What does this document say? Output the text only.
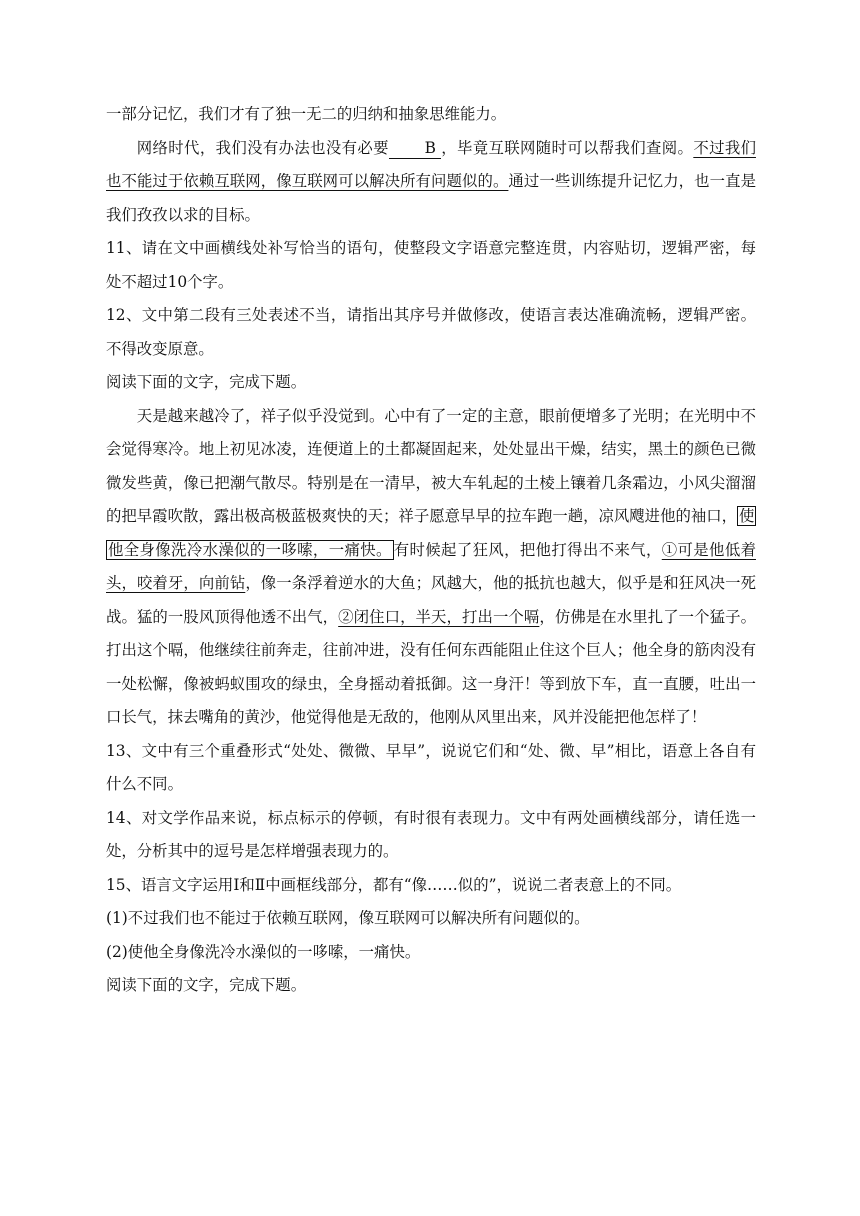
一部分记忆，我们才有了独一无二的归纳和抽象思维能力。

网络时代，我们没有办法也没有必要 B ，毕竟互联网随时可以帮我们查阅。不过我们也不能过于依赖互联网，像互联网可以解决所有问题似的。通过一些训练提升记忆力，也一直是我们孜孜以求的目标。

11、请在文中画横线处补写恰当的语句，使整段文字语意完整连贯，内容贴切，逻辑严密，每处不超过10个字。

12、文中第二段有三处表述不当，请指出其序号并做修改，使语言表达准确流畅，逻辑严密。不得改变原意。

阅读下面的文字，完成下题。

天是越来越冷了，祥子似乎没觉到。心中有了一定的主意，眼前便增多了光明；在光明中不会觉得寒冷。地上初见冰凌，连便道上的土都凝固起来，处处显出干燥，结实，黑土的颜色已微微发些黄，像已把潮气散尽。特别是在一清早，被大车轧起的土棱上镶着几条霜边，小风尖溜溜的把早霞吹散，露出极高极蓝极爽快的天；祥子愿意早早的拉车跑一趟，凉风飕进他的袖口， 使他全身像洗冷水澡似的一哆嗦，一痛快。 有时候起了狂风，把他打得出不来气，①可是他低着头，咬着牙，向前钻，像一条浮着逆水的大鱼；风越大，他的抵抗也越大，似乎是和狂风决一死战。猛的一股风顶得他透不出气，②闭住口，半天，打出一个嗝，仿佛是在水里扎了一个猛子。打出这个嗝，他继续往前奔走，往前冲进，没有任何东西能阻止住这个巨人；他全身的筋肉没有一处松懈，像被蚂蚁围攻的绿虫，全身摇动着抵御。这一身汗！等到放下车，直一直腰，吐出一口长气，抹去嘴角的黄沙，他觉得他是无敌的，他刚从风里出来，风并没能把他怎样了！

13、文中有三个重叠形式“处处、微微、早早”，说说它们和“处、微、早”相比，语意上各自有什么不同。

14、对文学作品来说，标点标示的停顿，有时很有表现力。文中有两处画横线部分，请任选一处，分析其中的逗号是怎样增强表现力的。

15、语言文字运用Ⅰ和Ⅱ中画框线部分，都有“像……似的”，说说二者表意上的不同。

(1)不过我们也不能过于依赖互联网，像互联网可以解决所有问题似的。

(2)使他全身像洗冷水澡似的一哆嗦，一痛快。

阅读下面的文字，完成下题。
